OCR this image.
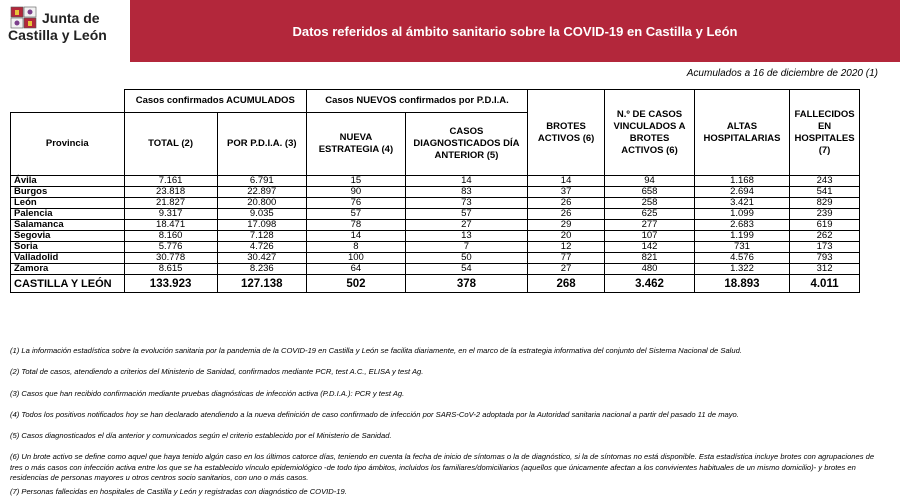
Junta de
Castilla y León	Datos referidos al ámbito sanitario sobre la COVID-19 en Castilla y León
Acumulados a 16 de diciembre de 2020 (1)
	Casos confirmados ACUMULADOS		Casos NUEVOS confirmados por P.D.I.A.		BROTES ACTIVOS (6)	N.º DE CASOS VINCULADOS A BROTES ACTIVOS (6)	ALTAS HOSPITALARIAS	FALLECIDOS EN HOSPITALES (7)
Provincia	TOTAL (2)	POR P.D.I.A. (3)	NUEVA ESTRATEGIA (4)	CASOS DIAGNOSTICADOS DÍA ANTERIOR (5)				
Ávila	7.161	6.791	15	14	14	94	1.168	243
Burgos	23.818	22.897	90	83	37	658	2.694	541
León	21.827	20.800	76	73	26	258	3.421	829
Palencia	9.317	9.035	57	57	26	625	1.099	239
Salamanca	18.471	17.098	78	27	29	277	2.683	619
Segovia	8.160	7.128	14	13	20	107	1.199	262
Soria	5.776	4.726	8	7	12	142	731	173
Valladolid	30.778	30.427	100	50	77	821	4.576	793
Zamora	8.615	8.236	64	54	27	480	1.322	312
CASTILLA Y LEÓN	133.923	127.138	502	378	268	3.462	18.893	4.011

(1) La información estadística sobre la evolución sanitaria por la pandemia de la COVID-19 en Castilla y León se facilita diariamente, en el marco de la estrategia informativa del conjunto del Sistema Nacional de Salud.

(2) Total de casos, atendiendo a criterios del Ministerio de Sanidad, confirmados mediante PCR, test A.C., ELISA y test Ag.

(3) Casos que han recibido confirmación mediante pruebas diagnósticas de infección activa (P.D.I.A.): PCR y test Ag.

(4) Todos los positivos notificados hoy se han declarado atendiendo a la nueva definición de caso confirmado de infección por SARS-CoV-2 adoptada por la Autoridad sanitaria nacional a partir del pasado 11 de mayo.

(5) Casos diagnosticados el día anterior y comunicados según el criterio establecido por el Ministerio de Sanidad.

(6) Un brote activo se define como aquel que haya tenido algún caso en los últimos catorce días, teniendo en cuenta la fecha de inicio de síntomas o la de diagnóstico, si la de síntomas no está disponible. Esta estadística incluye brotes con agrupaciones de tres o más casos con infección activa entre los que se ha establecido vínculo epidemiológico -de todo tipo ámbitos, incluidos los familiares/domiciliarios (aquellos que únicamente afectan a los convivientes habituales de un mismo domicilio)- y brotes en residencias de personas mayores u otros centros socio sanitarios, con uno o más casos.

(7) Personas fallecidas en hospitales de Castilla y León y registradas con diagnóstico de COVID-19.
